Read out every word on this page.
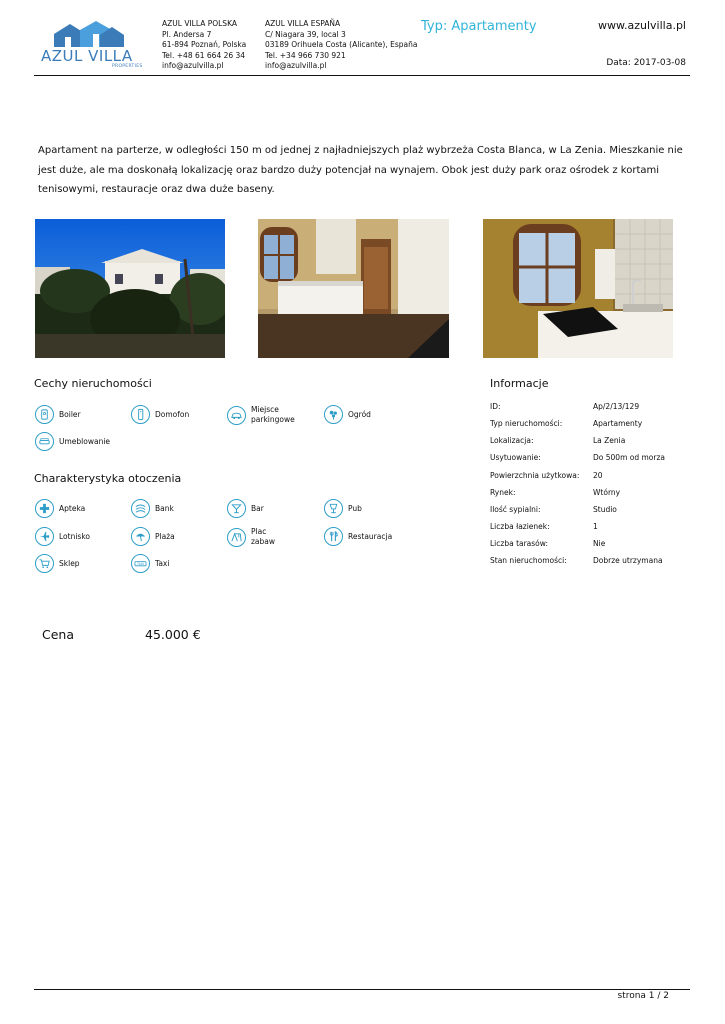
AZUL VILLA
PROPERTIES
AZUL VILLA POLSKA
Pl. Andersa 7
61-894 Poznań, Polska
Tel. +48 61 664 26 34
info@azulvilla.pl
AZUL VILLA ESPAÑA
C/ Niagara 39, local 3
03189 Orihuela Costa (Alicante), España
Tel. +34 966 730 921
info@azulvilla.pl
Typ: Apartamenty	www.azulvilla.pl
Data: 2017-03-08
Apartament na parterze, w odległości 150 m od jednej z najładniejszych plaż wybrzeża Costa Blanca, w La Zenia. Mieszkanie nie jest duże, ale ma doskonałą lokalizację oraz bardzo duży potencjał na wynajem. Obok jest duży park oraz ośrodek z kortami tenisowymi, restauracje oraz dwa duże baseny.
Cechy nieruchomości
Boiler	Domofon	Miejsce parkingowe
Ogród
Umeblowanie
Charakterystyka otoczenia
Apteka	Bank	Bar	Pub
Lotnisko	Plaża	Plac zabaw
Restauracja
Sklep	TAXI Taxi
Informacje
ID:	Ap/2/13/129
Typ nieruchomości:	Apartamenty
Lokalizacja:	La Zenia
Usytuowanie:	Do 500m od morza
Powierzchnia użytkowa: 20
Rynek:	Wtórny
Ilość sypialni:	Studio
Liczba łazienek:	1
Liczba tarasów:	Nie
Stan nieruchomości:	Dobrze utrzymana
Cena	45.000 €
strona 1 / 2
